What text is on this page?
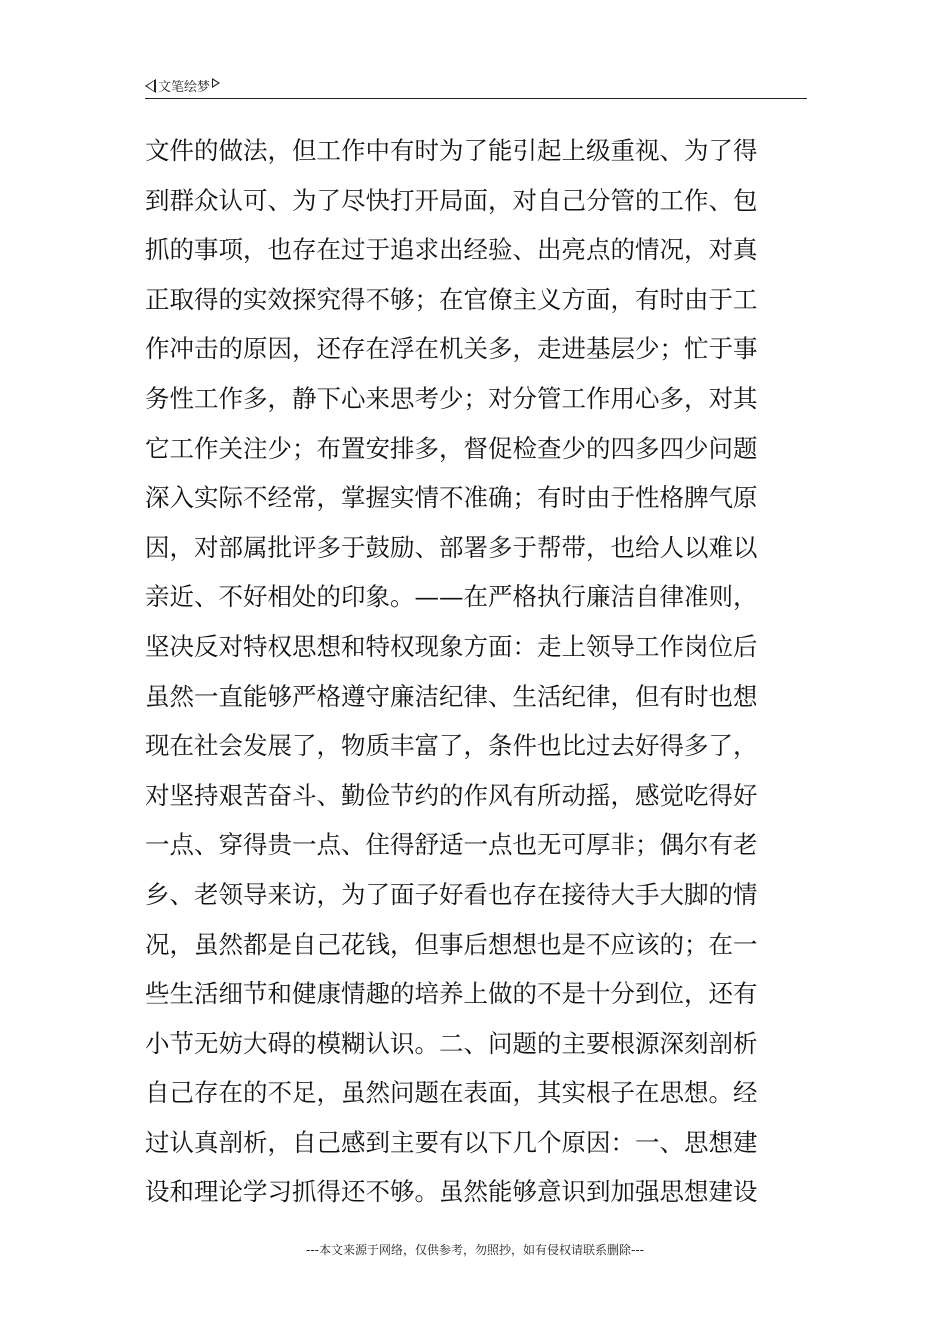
文笔绘梦
文件的做法，但工作中有时为了能引起上级重视、为了得
到群众认可、为了尽快打开局面，对自己分管的工作、包
抓的事项，也存在过于追求出经验、出亮点的情况，对真
正取得的实效探究得不够；在官僚主义方面，有时由于工
作冲击的原因，还存在浮在机关多，走进基层少；忙于事
务性工作多，静下心来思考少；对分管工作用心多，对其
它工作关注少；布置安排多，督促检查少的四多四少问题
深入实际不经常，掌握实情不准确；有时由于性格脾气原
因，对部属批评多于鼓励、部署多于帮带，也给人以难以
亲近、不好相处的印象。——在严格执行廉洁自律准则，
坚决反对特权思想和特权现象方面：走上领导工作岗位后
虽然一直能够严格遵守廉洁纪律、生活纪律，但有时也想
现在社会发展了，物质丰富了，条件也比过去好得多了，
对坚持艰苦奋斗、勤俭节约的作风有所动摇，感觉吃得好
一点、穿得贵一点、住得舒适一点也无可厚非；偶尔有老
乡、老领导来访，为了面子好看也存在接待大手大脚的情
况，虽然都是自己花钱，但事后想想也是不应该的；在一
些生活细节和健康情趣的培养上做的不是十分到位，还有
小节无妨大碍的模糊认识。二、问题的主要根源深刻剖析
自己存在的不足，虽然问题在表面，其实根子在思想。经
过认真剖析，自己感到主要有以下几个原因：一、思想建
设和理论学习抓得还不够。虽然能够意识到加强思想建设
---本文来源于网络，仅供参考，勿照抄，如有侵权请联系删除---
